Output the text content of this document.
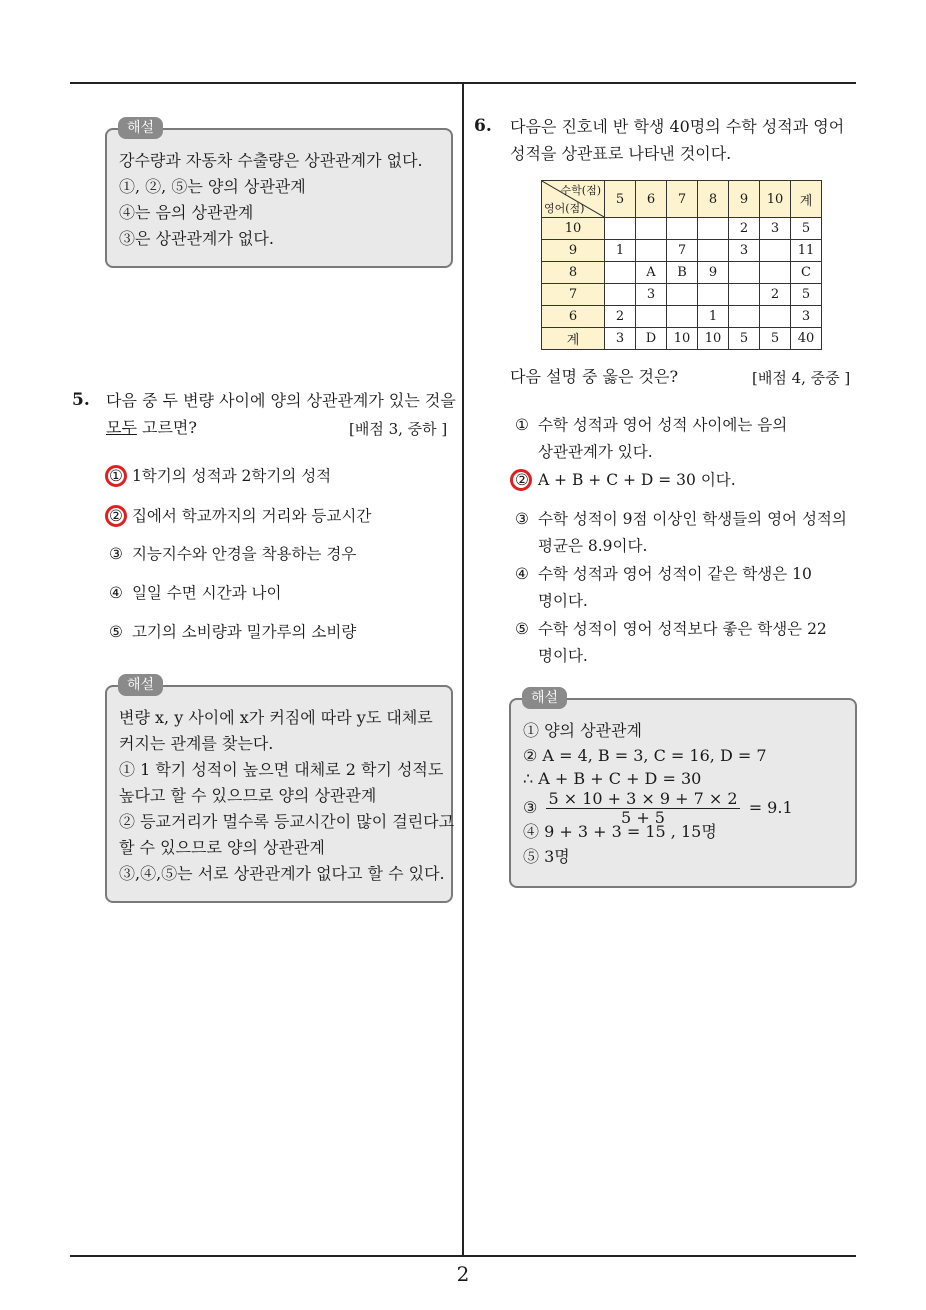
2
강수량과 자동차 수출량은 상관관계가 없다.
①, ②, ⑤는 양의 상관관계
④는 음의 상관관계
③은 상관관계가 없다.
해설
5. 다음 중 두 변량 사이에 양의 상관관계가 있는 것을
모두 고르면?	[배점 3, 중하 ]
① 1학기의 성적과 2학기의 성적
② 집에서 학교까지의 거리와 등교시간
③ 지능지수와 안경을 착용하는 경우
④ 일일 수면 시간과 나이
⑤ 고기의 소비량과 밀가루의 소비량
변량 x, y 사이에 x가 커짐에 따라 y도 대체로
커지는 관계를 찾는다.
① 1 학기 성적이 높으면 대체로 2 학기 성적도
높다고 할 수 있으므로 양의 상관관계
② 등교거리가 멀수록 등교시간이 많이 걸린다고
할 수 있으므로 양의 상관관계
③,④,⑤는 서로 상관관계가 없다고 할 수 있다.
해설
6. 다음은 진호네 반 학생 40명의 수학 성적과 영어
성적을 상관표로 나타낸 것이다.
수학(점)
영어(점)	5	6	7	8	9	10	계
10					2	3	5
9	1		7		3		11
8		A	B	9			C
7		3				2	5
6	2			1			3
계	3	D	10	10	5	5	40
다음 설명 중 옳은 것은?	[배점 4, 중중 ]
① 수학 성적과 영어 성적 사이에는 음의
상관관계가 있다.
② A + B + C + D = 30 이다.
③ 수학 성적이 9점 이상인 학생들의 영어 성적의
평균은 8.9이다.
④ 수학 성적과 영어 성적이 같은 학생은 10
명이다.
⑤ 수학 성적이 영어 성적보다 좋은 학생은 22
명이다.
① 양의 상관관계
② A = 4, B = 3, C = 16, D = 7
∴ A + B + C + D = 30
③ $\frac{5 \times 10 + 3 \times 9 + 7 \times 2}{5 + 5} = 9.1$
④ 9 + 3 + 3 = 15 , 15명
⑤ 3명
해설
